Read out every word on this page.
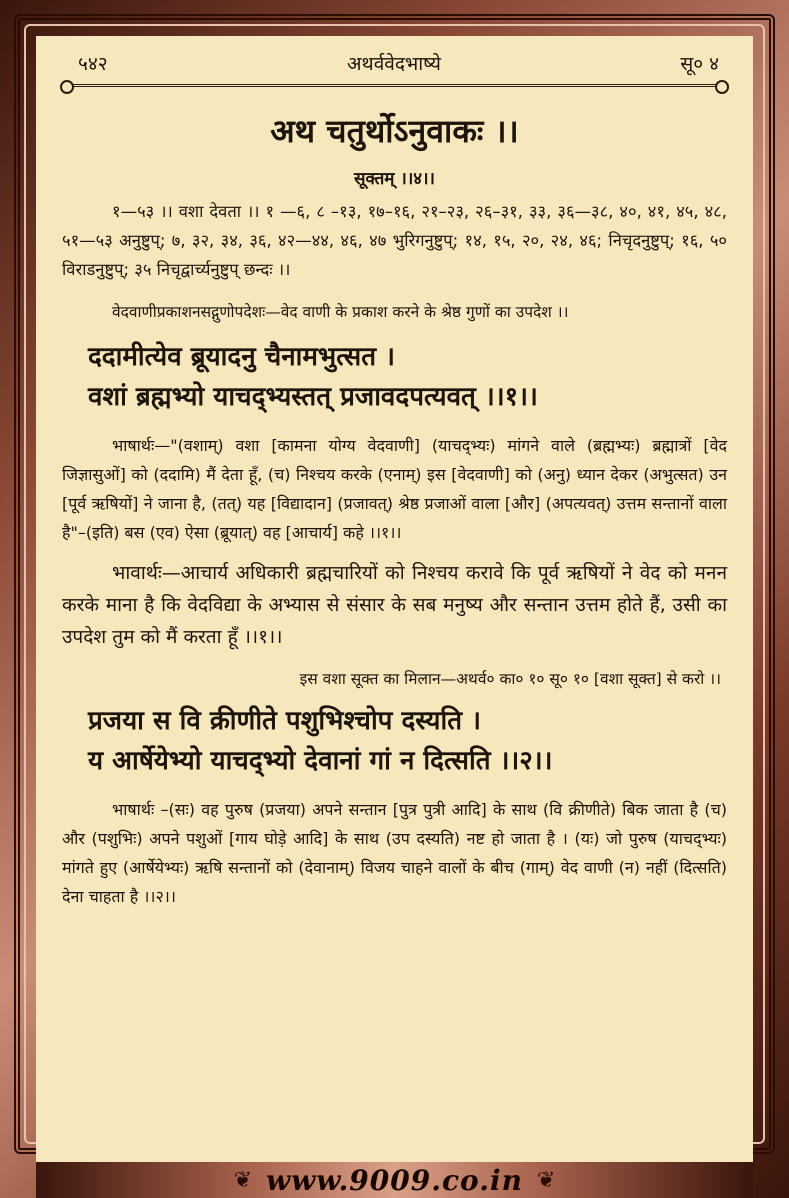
५४२	अथर्ववेदभाष्ये	सू० ४
अथ चतुर्थोऽनुवाकः ।।
सूक्तम् ।।४।।
१—५३ ।। वशा देवता ।। १ —६, ८ –१३, १७–१६, २१–२३, २६–३१, ३३, ३६—३८, ४०, ४१, ४५, ४८, ५१—५३ अनुष्टुप्; ७, ३२, ३४, ३६, ४२—४४, ४६, ४७ भुरिगनुष्टुप्; १४, १५, २०, २४, ४६; निचृदनुष्टुप्; १६, ५० विराडनुष्टुप्; ३५ निचृद्वार्च्यनुष्टुप् छन्दः ।।
वेदवाणीप्रकाशनसद्गुणोपदेशः—वेद वाणी के प्रकाश करने के श्रेष्ठ गुणों का उपदेश ।।
ददामीत्येव ब्रूयादनु चैनामभुत्सत ।
वशां ब्रह्मभ्यो याचद्भ्यस्तत् प्रजावदपत्यवत् ।।१।।
भाषार्थः—"(वशाम्) वशा [कामना योग्य वेदवाणी] (याचद्भ्यः) मांगने वाले (ब्रह्मभ्यः) ब्रह्मात्रों [वेद जिज्ञासुओं] को (ददामि) मैं देता हूँ, (च) निश्चय करके (एनाम्) इस [वेदवाणी] को (अनु) ध्यान देकर (अभुत्सत) उन [पूर्व ऋषियों] ने जाना है, (तत्) यह [विद्यादान] (प्रजावत्) श्रेष्ठ प्रजाओं वाला [और] (अपत्यवत्) उत्तम सन्तानों वाला है"–(इति) बस (एव) ऐसा (ब्रूयात्) वह [आचार्य] कहे ।।१।।
भावार्थः—आचार्य अधिकारी ब्रह्मचारियों को निश्चय करावे कि पूर्व ऋषियों ने वेद को मनन करके माना है कि वेदविद्या के अभ्यास से संसार के सब मनुष्य और सन्तान उत्तम होते हैं, उसी का उपदेश तुम को मैं करता हूँ ।।१।।
इस वशा सूक्त का मिलान—अथर्व० का० १० सू० १० [वशा सूक्त] से करो ।।
प्रजया स वि क्रीणीते पशुभिश्चोप दस्यति ।
य आर्षेयेभ्यो याचद्भ्यो देवानां गां न दित्सति ।।२।।
भाषार्थः –(सः) वह पुरुष (प्रजया) अपने सन्तान [पुत्र पुत्री आदि] के साथ (वि क्रीणीते) बिक जाता है (च) और (पशुभिः) अपने पशुओं [गाय घोड़े आदि] के साथ (उप दस्यति) नष्ट हो जाता है । (यः) जो पुरुष (याचद्भ्यः) मांगते हुए (आर्षेयेभ्यः) ऋषि सन्तानों को (देवानाम्) विजय चाहने वालों के बीच (गाम्) वेद वाणी (न) नहीं (दित्सति) देना चाहता है ।।२।।
❦ www.9009.co.in ❦
